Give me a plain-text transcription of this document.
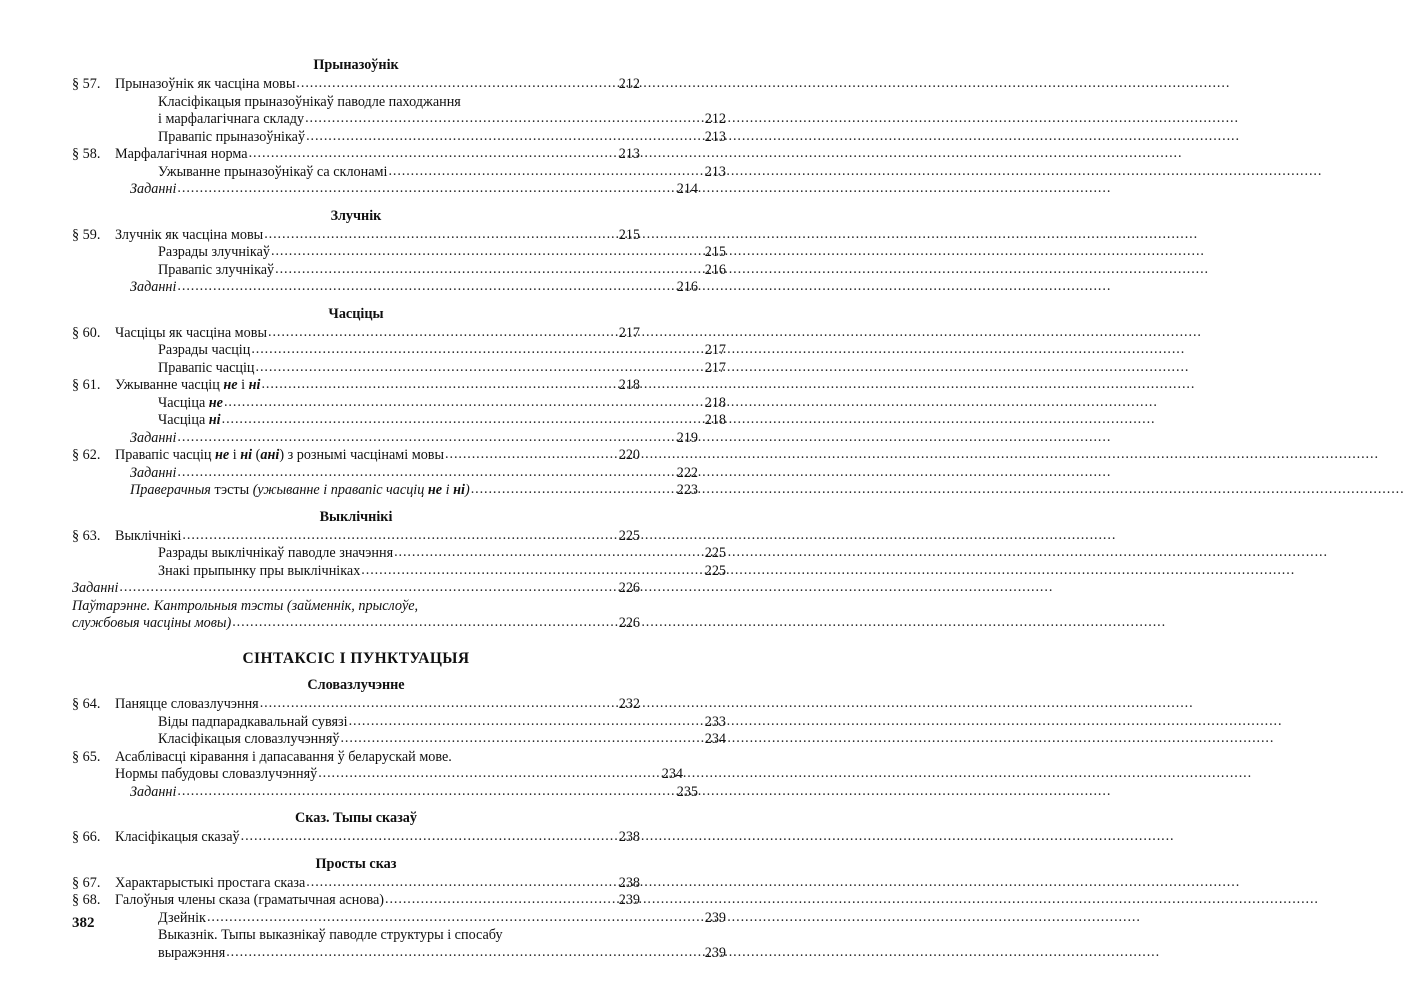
Прыназоўнік
§ 57.	Прыназоўнік як часціна мовы .....	212
Класіфікацыя прыназоўнікаў паводле паходжання
і марфалагічнага складу .....	212
Правапіс прыназоўнікаў .....	213
§ 58.	Марфалагічная норма .....	213
Ужыванне прыназоўнікаў са склонамі .....	213
Заданні .....	214
Злучнік
§ 59.	Злучнік як часціна мовы .....	215
Разрады злучнікаў .....	215
Правапіс злучнікаў .....	216
Заданні .....	216
Часціцы
§ 60.	Часціцы як часціна мовы .....	217
Разрады часціц .....	217
Правапіс часціц .....	217
§ 61.	Ужыванне часціц не і ні .....	218
Часціца не .....	218
Часціца ні .....	218
Заданні .....	219
§ 62.	Правапіс часціц не і ні (ані) з рознымі часцінамі мовы .....	220
Заданні .....	222
Праверачныя тэсты (ужыванне і правапіс часціц не і ні) .....	223
Выклічнікі
§ 63.	Выклічнікі .....	225
Разрады выклічнікаў паводле значэння .....	225
Знакі прыпынку пры выклічніках .....	225
Заданні .....	226
Паўтарэнне. Кантрольныя тэсты (займеннік, прыслоўе,
службовыя часціны мовы) .....	226
СІНТАКСІС І ПУНКТУАЦЫЯ
Словазлучэнне
§ 64.	Паняцце словазлучэння .....	232
Віды падпарадкавальнай сувязі .....	233
Класіфікацыя словазлучэнняў .....	234
§ 65.	Асаблівасці кіравання і дапасавання ў беларускай мове.
Нормы пабудовы словазлучэнняў .....	234
Заданні .....	235
Сказ. Тыпы сказаў
§ 66.	Класіфікацыя сказаў .....	238
Просты сказ
§ 67.	Характарыстыкі простага сказа .....	238
§ 68.	Галоўныя члены сказа (граматычная аснова) .....	239
Дзейнік .....	239
Выказнік. Тыпы выказнікаў паводле структуры і спосабу
выражэння .....	239
382
